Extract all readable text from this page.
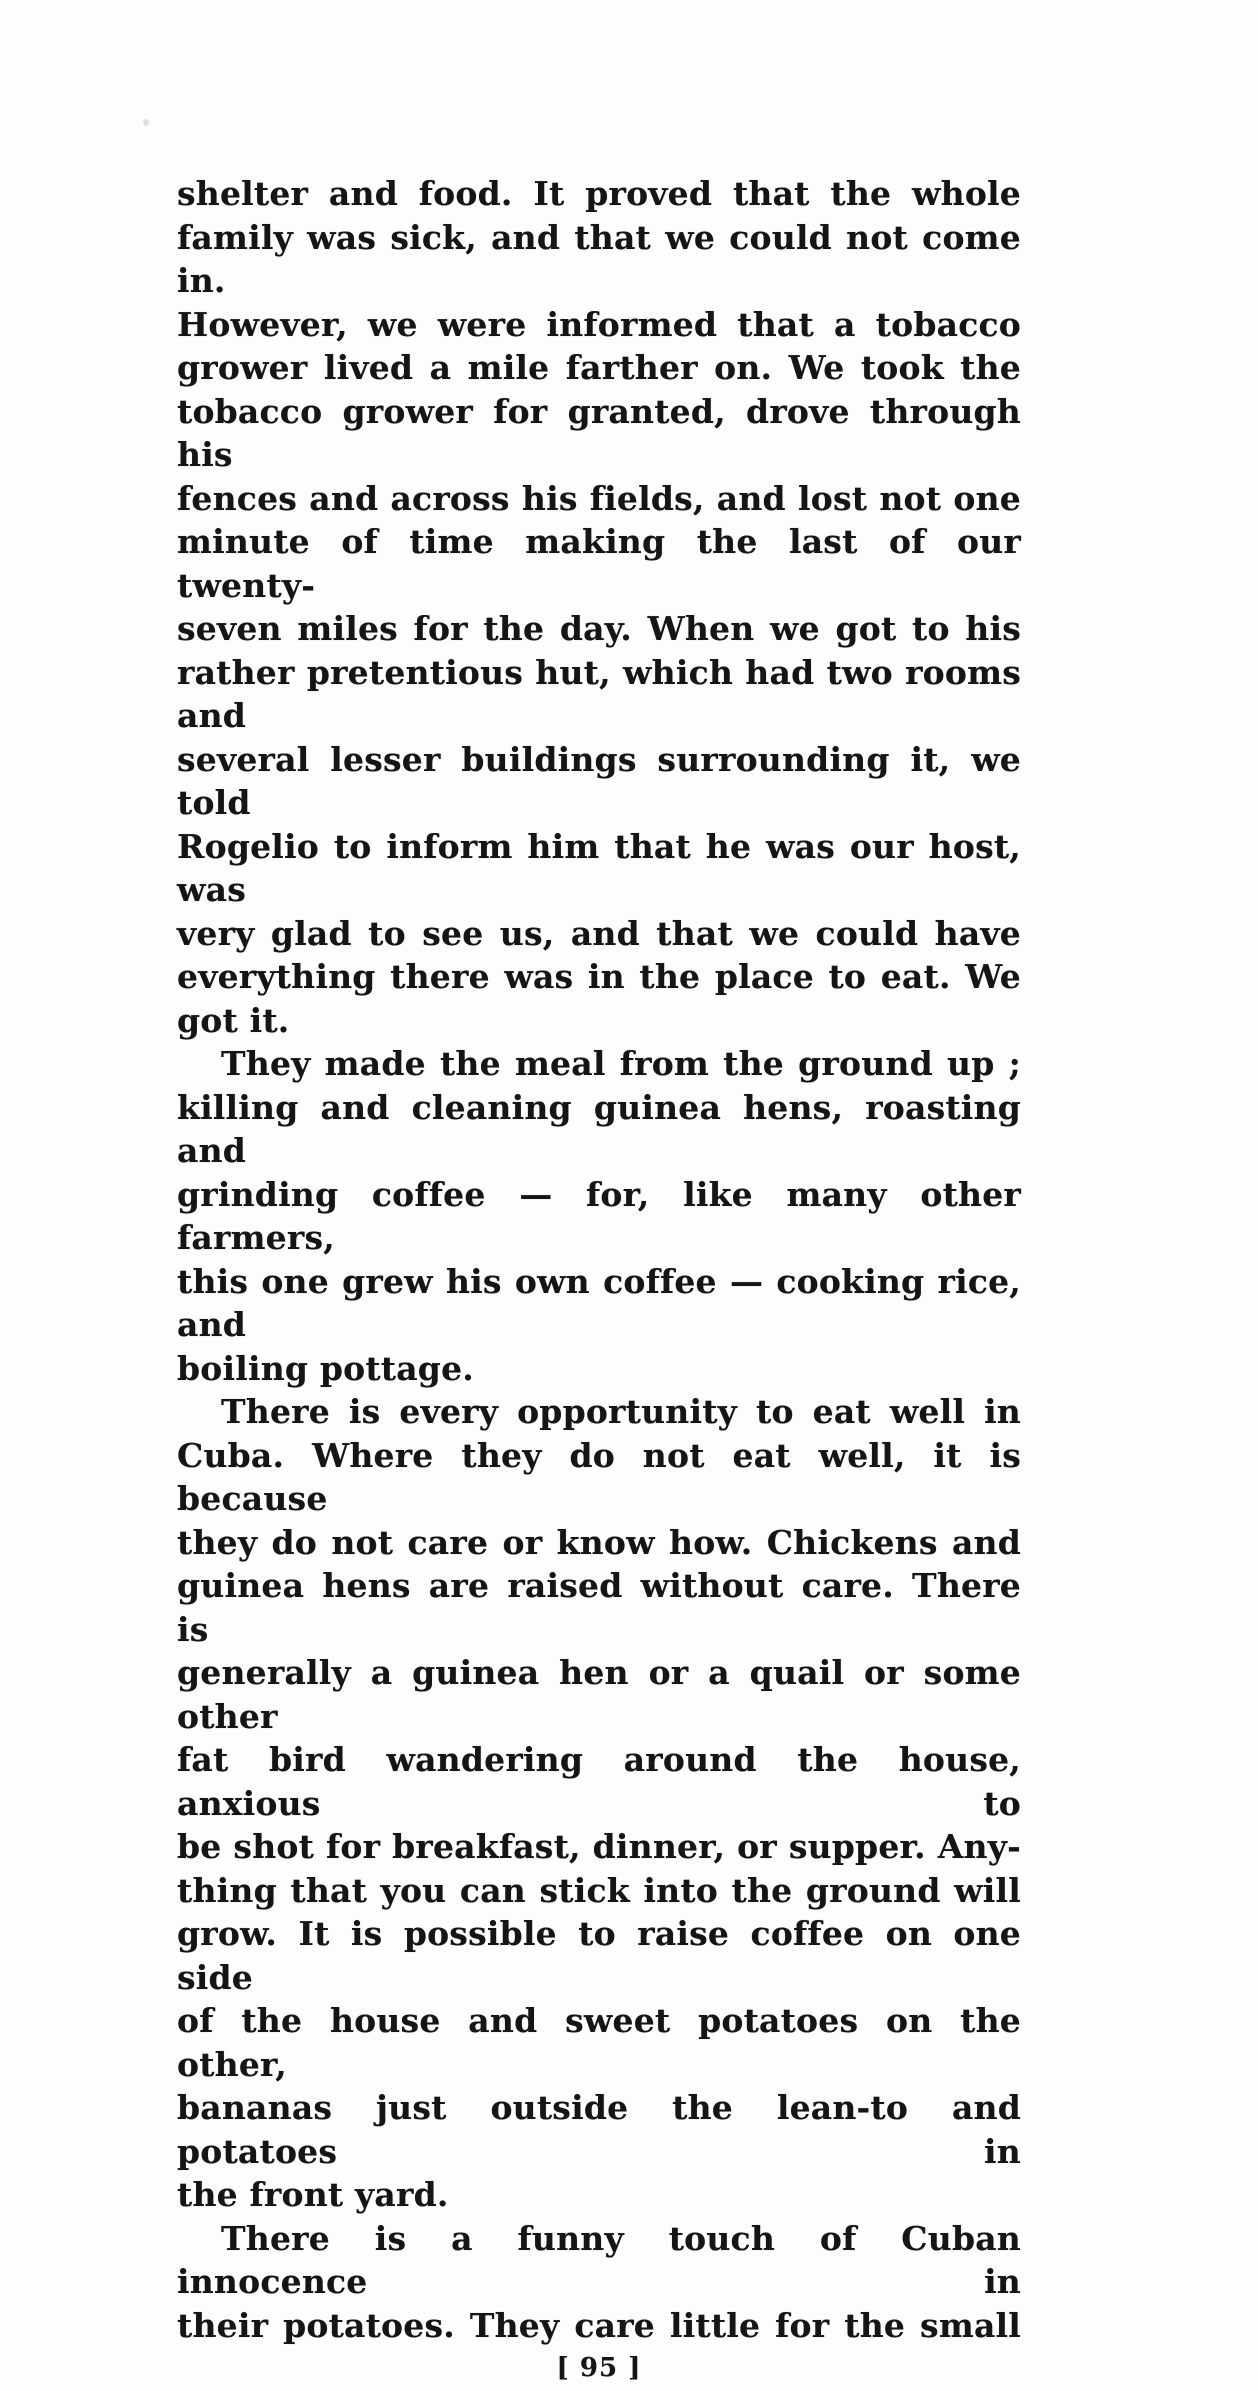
shelter and food. It proved that the whole
family was sick, and that we could not come in.
However, we were informed that a tobacco
grower lived a mile farther on. We took the
tobacco grower for granted, drove through his
fences and across his fields, and lost not one
minute of time making the last of our twenty-
seven miles for the day. When we got to his
rather pretentious hut, which had two rooms and
several lesser buildings surrounding it, we told
Rogelio to inform him that he was our host, was
very glad to see us, and that we could have
everything there was in the place to eat. We
got it.
They made the meal from the ground up ;
killing and cleaning guinea hens, roasting and
grinding coffee — for, like many other farmers,
this one grew his own coffee — cooking rice, and
boiling pottage.
There is every opportunity to eat well in
Cuba. Where they do not eat well, it is because
they do not care or know how. Chickens and
guinea hens are raised without care. There is
generally a guinea hen or a quail or some other
fat bird wandering around the house, anxious to
be shot for breakfast, dinner, or supper. Any-
thing that you can stick into the ground will
grow. It is possible to raise coffee on one side
of the house and sweet potatoes on the other,
bananas just outside the lean-to and potatoes in
the front yard.
There is a funny touch of Cuban innocence in
their potatoes. They care little for the small
[ 95 ]
